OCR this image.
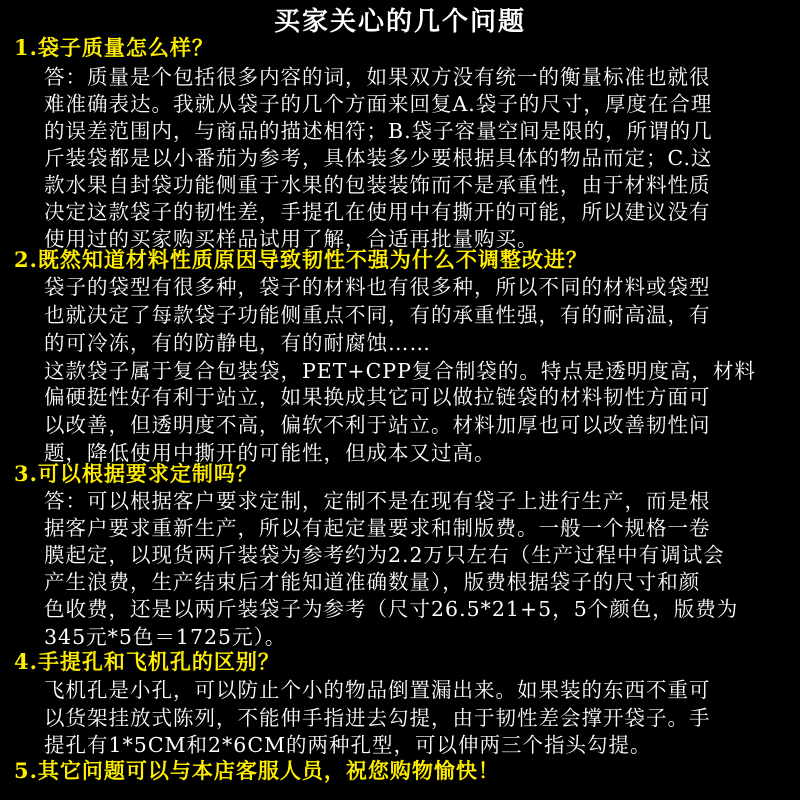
买家关心的几个问题
1.袋子质量怎么样？
答：质量是个包括很多内容的词，如果双方没有统一的衡量标准也就很
难准确表达。我就从袋子的几个方面来回复A.袋子的尺寸，厚度在合理
的误差范围内，与商品的描述相符；B.袋子容量空间是限的，所谓的几
斤装袋都是以小番茄为参考，具体装多少要根据具体的物品而定；C.这
款水果自封袋功能侧重于水果的包装装饰而不是承重性，由于材料性质
决定这款袋子的韧性差，手提孔在使用中有撕开的可能，所以建议没有
使用过的买家购买样品试用了解，合适再批量购买。
2.既然知道材料性质原因导致韧性不强为什么不调整改进？
袋子的袋型有很多种，袋子的材料也有很多种，所以不同的材料或袋型
也就决定了每款袋子功能侧重点不同，有的承重性强，有的耐高温，有
的可冷冻，有的防静电，有的耐腐蚀……
这款袋子属于复合包装袋，PET+CPP复合制袋的。特点是透明度高，材料
偏硬挺性好有利于站立，如果换成其它可以做拉链袋的材料韧性方面可
以改善，但透明度不高，偏软不利于站立。材料加厚也可以改善韧性问
题，降低使用中撕开的可能性，但成本又过高。
3.可以根据要求定制吗？
答：可以根据客户要求定制，定制不是在现有袋子上进行生产，而是根
据客户要求重新生产，所以有起定量要求和制版费。一般一个规格一卷
膜起定，以现货两斤装袋为参考约为2.2万只左右（生产过程中有调试会
产生浪费，生产结束后才能知道准确数量），版费根据袋子的尺寸和颜
色收费，还是以两斤装袋子为参考（尺寸26.5*21+5，5个颜色，版费为
345元*5色＝1725元）。
4.手提孔和飞机孔的区别？
飞机孔是小孔，可以防止个小的物品倒置漏出来。如果装的东西不重可
以货架挂放式陈列，不能伸手指进去勾提，由于韧性差会撑开袋子。手
提孔有1*5CM和2*6CM的两种孔型，可以伸两三个指头勾提。
5.其它问题可以与本店客服人员，祝您购物愉快！
